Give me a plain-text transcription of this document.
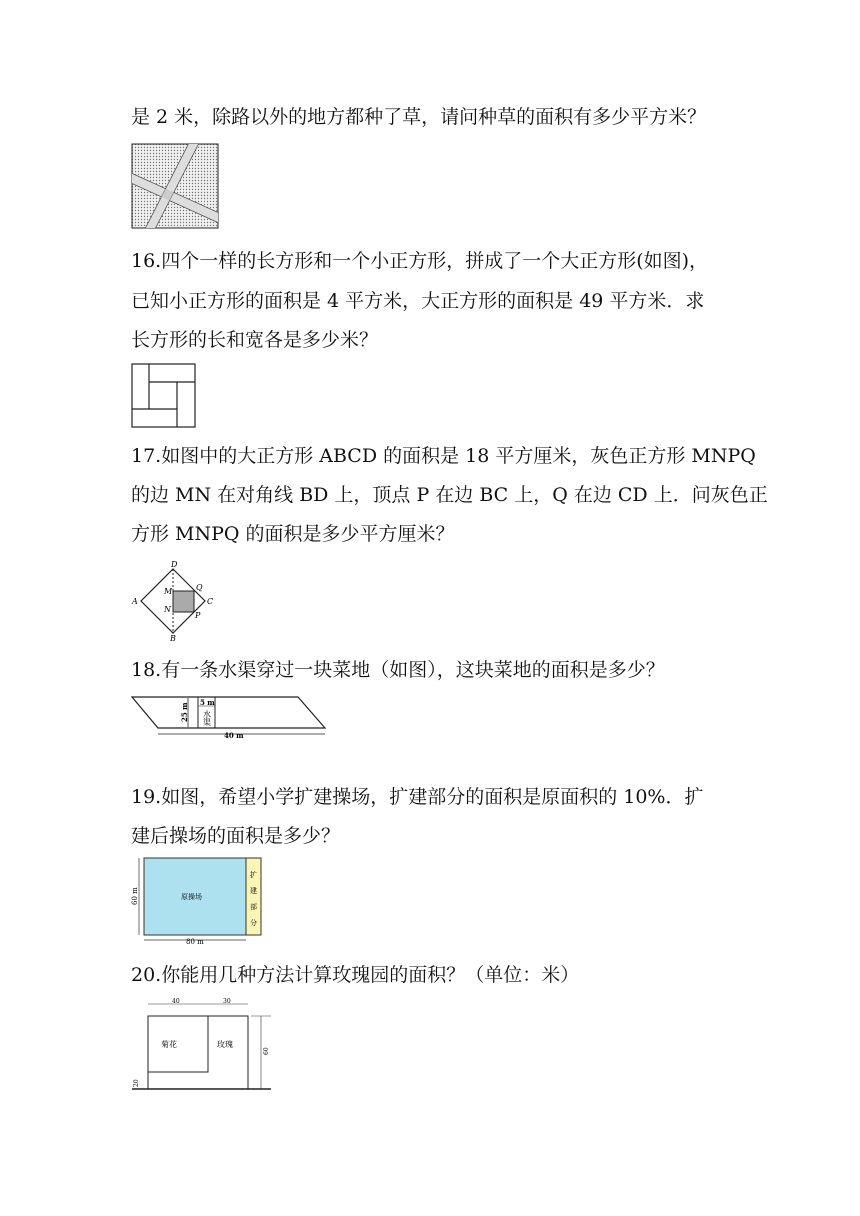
是 2 米，除路以外的地方都种了草，请问种草的面积有多少平方米？
16.四个一样的长方形和一个小正方形，拼成了一个大正方形(如图)，
已知小正方形的面积是 4 平方米，大正方形的面积是 49 平方米．求
长方形的长和宽各是多少米？
17.如图中的大正方形 ABCD 的面积是 18 平方厘米，灰色正方形 MNPQ
的边 MN 在对角线 BD 上，顶点 P 在边 BC 上，Q 在边 CD 上．问灰色正
方形 MNPQ 的面积是多少平方厘米？
D
A
M	Q
C
N
P
B
18.有一条水渠穿过一块菜地（如图），这块菜地的面积是多少？
5 m
25 m 水
渠
40 m
19.如图，希望小学扩建操场，扩建部分的面积是原面积的 10%．扩
建后操场的面积是多少？
原操场
60 m
80 m
扩
建
部
分
20.你能用几种方法计算玫瑰园的面积？（单位：米）
40	30
60
菊花	玫瑰
20
